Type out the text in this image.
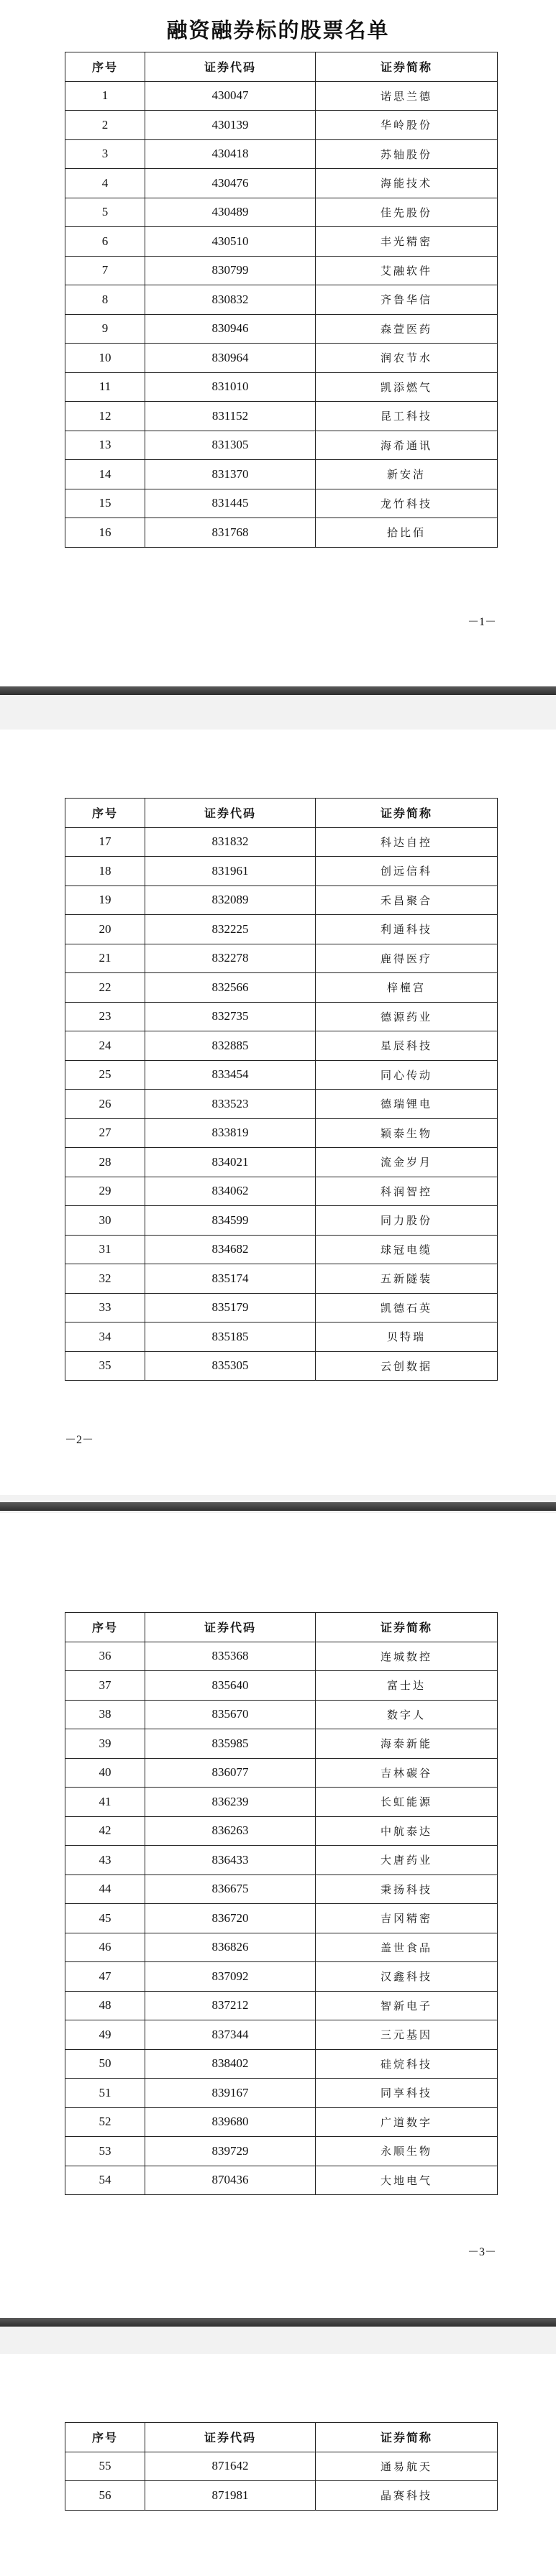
融资融券标的股票名单
序号	证券代码	证券简称
1	430047	诺思兰德
2	430139	华岭股份
3	430418	苏轴股份
4	430476	海能技术
5	430489	佳先股份
6	430510	丰光精密
7	830799	艾融软件
8	830832	齐鲁华信
9	830946	森萱医药
10	830964	润农节水
11	831010	凯添燃气
12	831152	昆工科技
13	831305	海希通讯
14	831370	新安洁
15	831445	龙竹科技
16	831768	拾比佰
－1－
序号	证券代码	证券简称
17	831832	科达自控
18	831961	创远信科
19	832089	禾昌聚合
20	832225	利通科技
21	832278	鹿得医疗
22	832566	梓橦宫
23	832735	德源药业
24	832885	星辰科技
25	833454	同心传动
26	833523	德瑞锂电
27	833819	颖泰生物
28	834021	流金岁月
29	834062	科润智控
30	834599	同力股份
31	834682	球冠电缆
32	835174	五新隧装
33	835179	凯德石英
34	835185	贝特瑞
35	835305	云创数据
－2－
序号	证券代码	证券简称
36	835368	连城数控
37	835640	富士达
38	835670	数字人
39	835985	海泰新能
40	836077	吉林碳谷
41	836239	长虹能源
42	836263	中航泰达
43	836433	大唐药业
44	836675	秉扬科技
45	836720	吉冈精密
46	836826	盖世食品
47	837092	汉鑫科技
48	837212	智新电子
49	837344	三元基因
50	838402	硅烷科技
51	839167	同享科技
52	839680	广道数字
53	839729	永顺生物
54	870436	大地电气
－3－
序号	证券代码	证券简称
55	871642	通易航天
56	871981	晶赛科技
